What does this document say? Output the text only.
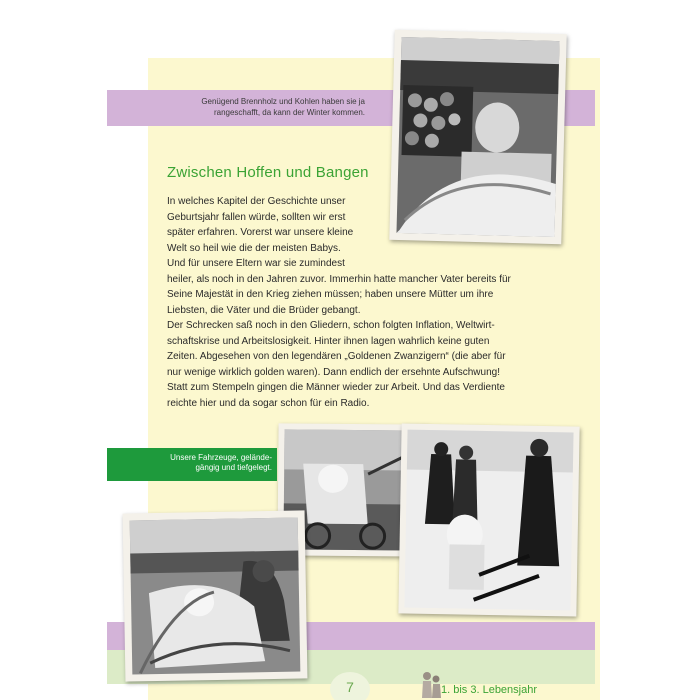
Genügend Brennholz und Kohlen haben sie ja rangeschafft, da kann der Winter kommen.
Zwischen Hoffen und Bangen
In welches Kapitel der Geschichte unser
Geburtsjahr fallen würde, sollten wir erst
später erfahren. Vorerst war unsere kleine
Welt so heil wie die der meisten Babys.
Und für unsere Eltern war sie zumindest
heiler, als noch in den Jahren zuvor. Immerhin hatte mancher Vater bereits für
Seine Majestät in den Krieg ziehen müssen; haben unsere Mütter um ihre
Liebsten, die Väter und die Brüder gebangt.
Der Schrecken saß noch in den Gliedern, schon folgten Inflation, Weltwirt-
schaftskrise und Arbeitslosigkeit. Hinter ihnen lagen wahrlich keine guten
Zeiten. Abgesehen von den legendären „Goldenen Zwanzigern“ (die aber für
nur wenige wirklich golden waren). Dann endlich der ersehnte Aufschwung!
Statt zum Stempeln gingen die Männer wieder zur Arbeit. Und das Verdiente
reichte hier und da sogar schon für ein Radio.
Unsere Fahrzeuge, gelände-
gängig und tiefgelegt.
7	1. bis 3. Lebensjahr
